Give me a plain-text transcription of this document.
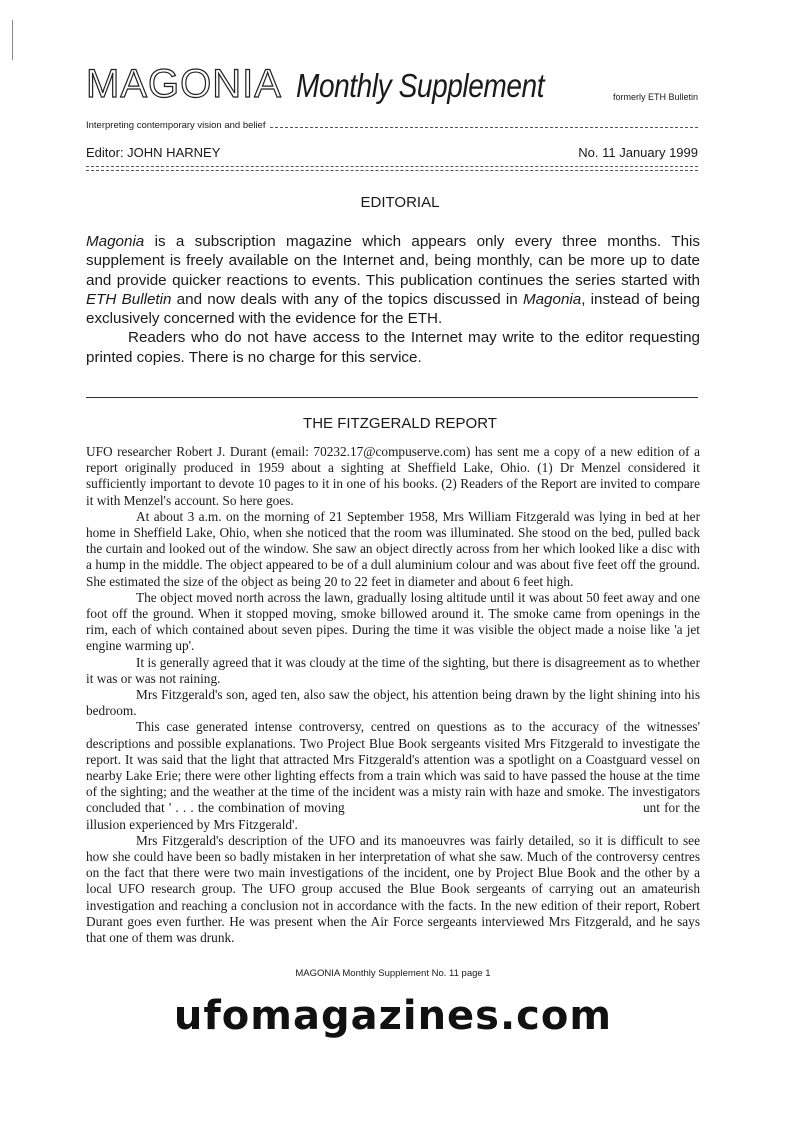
MAGONIA Monthly Supplement	formerly ETH Bulletin
Interpreting contemporary vision and belief
Editor: JOHN HARNEY	No. 11 January 1999
EDITORIAL

Magonia is a subscription magazine which appears only every three months. This supplement is freely available on the Internet and, being monthly, can be more up to date and provide quicker reactions to events. This publication continues the series started with ETH Bulletin and now deals with any of the topics discussed in Magonia, instead of being exclusively concerned with the evidence for the ETH.

Readers who do not have access to the Internet may write to the editor requesting printed copies. There is no charge for this service.

THE FITZGERALD REPORT

UFO researcher Robert J. Durant (email: 70232.17@compuserve.com) has sent me a copy of a new edition of a report originally produced in 1959 about a sighting at Sheffield Lake, Ohio. (1) Dr Menzel considered it sufficiently important to devote 10 pages to it in one of his books. (2) Readers of the Report are invited to compare it with Menzel's account. So here goes.

At about 3 a.m. on the morning of 21 September 1958, Mrs William Fitzgerald was lying in bed at her home in Sheffield Lake, Ohio, when she noticed that the room was illuminated. She stood on the bed, pulled back the curtain and looked out of the window. She saw an object directly across from her which looked like a disc with a hump in the middle. The object appeared to be of a dull aluminium colour and was about five feet off the ground. She estimated the size of the object as being 20 to 22 feet in diameter and about 6 feet high.

The object moved north across the lawn, gradually losing altitude until it was about 50 feet away and one foot off the ground. When it stopped moving, smoke billowed around it. The smoke came from openings in the rim, each of which contained about seven pipes. During the time it was visible the object made a noise like 'a jet engine warming up'.

It is generally agreed that it was cloudy at the time of the sighting, but there is disagreement as to whether it was or was not raining.

Mrs Fitzgerald's son, aged ten, also saw the object, his attention being drawn by the light shining into his bedroom.

This case generated intense controversy, centred on questions as to the accuracy of the witnesses' descriptions and possible explanations. Two Project Blue Book sergeants visited Mrs Fitzgerald to investigate the report. It was said that the light that attracted Mrs Fitzgerald's attention was a spotlight on a Coastguard vessel on nearby Lake Erie; there were other lighting effects from a train which was said to have passed the house at the time of the sighting; and the weather at the time of the incident was a misty rain with haze and smoke. The investigators concluded that ' . . . the combination of moving	unt for the illusion experienced by Mrs Fitzgerald'.

Mrs Fitzgerald's description of the UFO and its manoeuvres was fairly detailed, so it is difficult to see how she could have been so badly mistaken in her interpretation of what she saw. Much of the controversy centres on the fact that there were two main investigations of the incident, one by Project Blue Book and the other by a local UFO research group. The UFO group accused the Blue Book sergeants of carrying out an amateurish investigation and reaching a conclusion not in accordance with the facts. In the new edition of their report, Robert Durant goes even further. He was present when the Air Force sergeants interviewed Mrs Fitzgerald, and he says that one of them was drunk.

MAGONIA Monthly Supplement No. 11 page 1
ufomagazines.com
